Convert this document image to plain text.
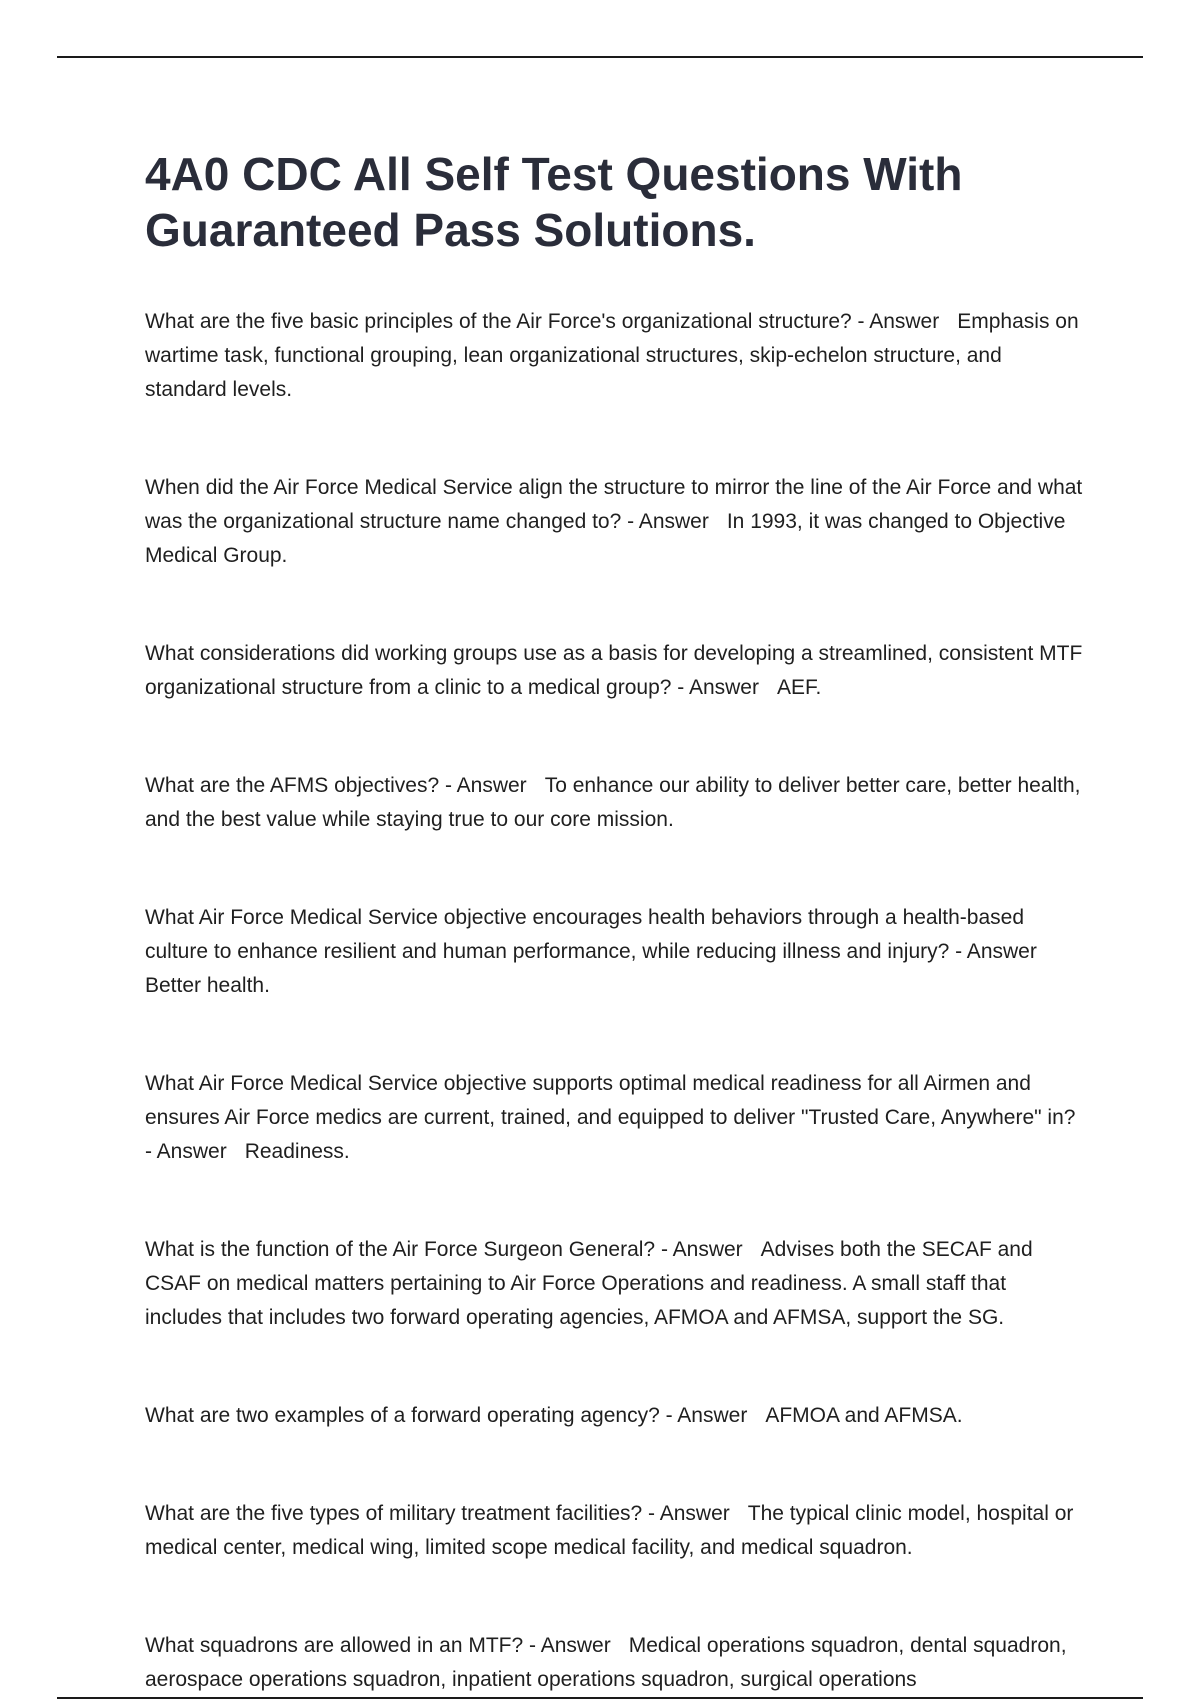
4A0 CDC All Self Test Questions With Guaranteed Pass Solutions.

What are the five basic principles of the Air Force's organizational structure? - Answer Emphasis on wartime task, functional grouping, lean organizational structures, skip-echelon structure, and standard levels.

When did the Air Force Medical Service align the structure to mirror the line of the Air Force and what was the organizational structure name changed to? - Answer In 1993, it was changed to Objective Medical Group.

What considerations did working groups use as a basis for developing a streamlined, consistent MTF organizational structure from a clinic to a medical group? - Answer AEF.

What are the AFMS objectives? - Answer To enhance our ability to deliver better care, better health, and the best value while staying true to our core mission.

What Air Force Medical Service objective encourages health behaviors through a health-based culture to enhance resilient and human performance, while reducing illness and injury? - AnswerBetter health.

What Air Force Medical Service objective supports optimal medical readiness for all Airmen and ensures Air Force medics are current, trained, and equipped to deliver "Trusted Care, Anywhere" in? - Answer Readiness.

What is the function of the Air Force Surgeon General? - Answer Advises both the SECAF and CSAF on medical matters pertaining to Air Force Operations and readiness. A small staff that includes that includes two forward operating agencies, AFMOA and AFMSA, support the SG.

What are two examples of a forward operating agency? - Answer AFMOA and AFMSA.

What are the five types of military treatment facilities? - Answer The typical clinic model, hospital or medical center, medical wing, limited scope medical facility, and medical squadron.

What squadrons are allowed in an MTF? - Answer Medical operations squadron, dental squadron, aerospace operations squadron, inpatient operations squadron, surgical operations
